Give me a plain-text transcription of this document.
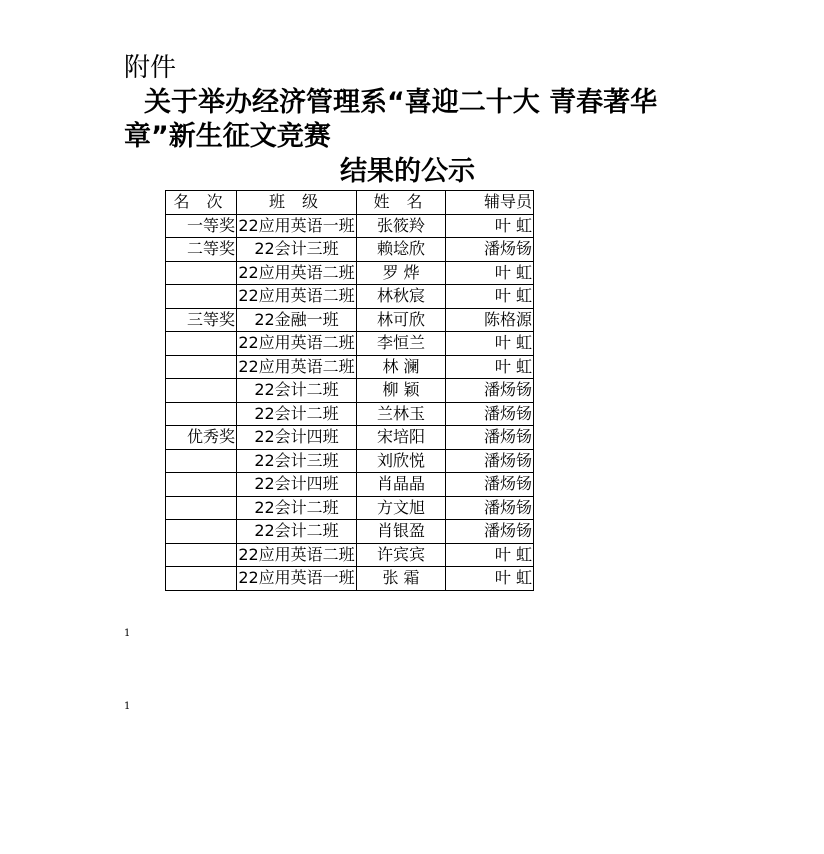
附件
关于举办经济管理系“喜迎二十大 青春著华章”新生征文竞赛
结果的公示
名 次	班 级	姓 名	辅导员
一等奖	22应用英语一班	张筱羚	叶 虹
二等奖	22会计三班	赖埝欣	潘炀钖
	22应用英语二班	罗 烨	叶 虹
	22应用英语二班	林秋宸	叶 虹
三等奖	22金融一班	林可欣	陈格源
	22应用英语二班	李恒兰	叶 虹
	22应用英语二班	林 澜	叶 虹
	22会计二班	柳 颖	潘炀钖
	22会计二班	兰林玉	潘炀钖
优秀奖	22会计四班	宋培阳	潘炀钖
	22会计三班	刘欣悦	潘炀钖
	22会计四班	肖晶晶	潘炀钖
	22会计二班	方文旭	潘炀钖
	22会计二班	肖银盈	潘炀钖
	22应用英语二班	许宾宾	叶 虹
	22应用英语一班	张 霜	叶 虹
1
1
